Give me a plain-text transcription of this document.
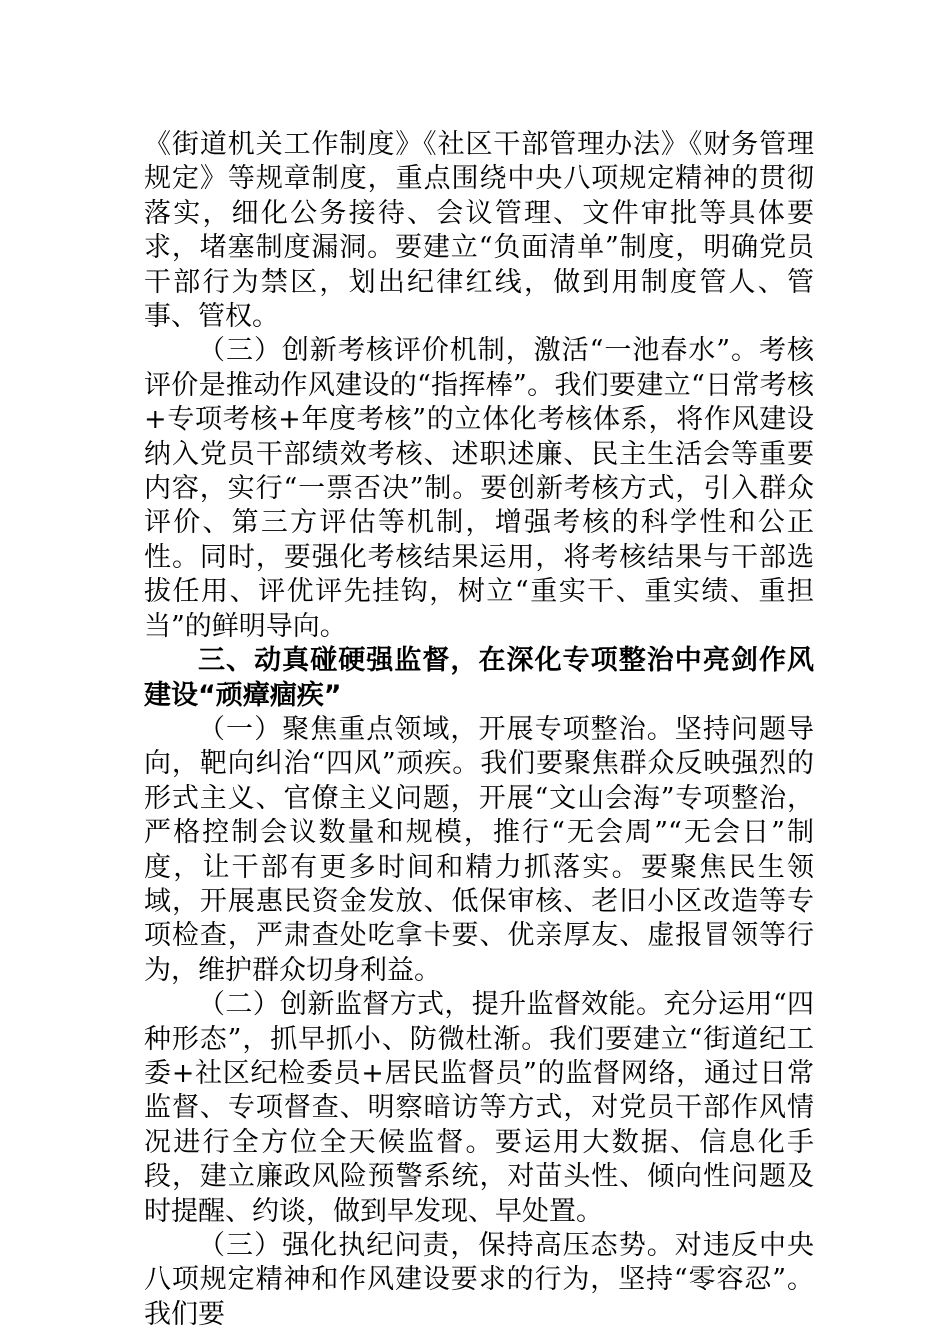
《街道机关工作制度》《社区干部管理办法》《财务管理规定》等规章制度，重点围绕中央八项规定精神的贯彻落实，细化公务接待、会议管理、文件审批等具体要求，堵塞制度漏洞。要建立“负面清单”制度，明确党员干部行为禁区，划出纪律红线，做到用制度管人、管事、管权。

（三）创新考核评价机制，激活“一池春水”。考核评价是推动作风建设的“指挥棒”。我们要建立“日常考核+专项考核+年度考核”的立体化考核体系，将作风建设纳入党员干部绩效考核、述职述廉、民主生活会等重要内容，实行“一票否决”制。要创新考核方式，引入群众评价、第三方评估等机制，增强考核的科学性和公正性。同时，要强化考核结果运用，将考核结果与干部选拔任用、评优评先挂钩，树立“重实干、重实绩、重担当”的鲜明导向。

三、动真碰硬强监督，在深化专项整治中亮剑作风建设“顽瘴痼疾”

（一）聚焦重点领域，开展专项整治。坚持问题导向，靶向纠治“四风”顽疾。我们要聚焦群众反映强烈的形式主义、官僚主义问题，开展“文山会海”专项整治，严格控制会议数量和规模，推行“无会周”“无会日”制度，让干部有更多时间和精力抓落实。要聚焦民生领域，开展惠民资金发放、低保审核、老旧小区改造等专项检查，严肃查处吃拿卡要、优亲厚友、虚报冒领等行为，维护群众切身利益。

（二）创新监督方式，提升监督效能。充分运用“四种形态”，抓早抓小、防微杜渐。我们要建立“街道纪工委+社区纪检委员+居民监督员”的监督网络，通过日常监督、专项督查、明察暗访等方式，对党员干部作风情况进行全方位全天候监督。要运用大数据、信息化手段，建立廉政风险预警系统，对苗头性、倾向性问题及时提醒、约谈，做到早发现、早处置。

（三）强化执纪问责，保持高压态势。对违反中央八项规定精神和作风建设要求的行为，坚持“零容忍”。我们要
